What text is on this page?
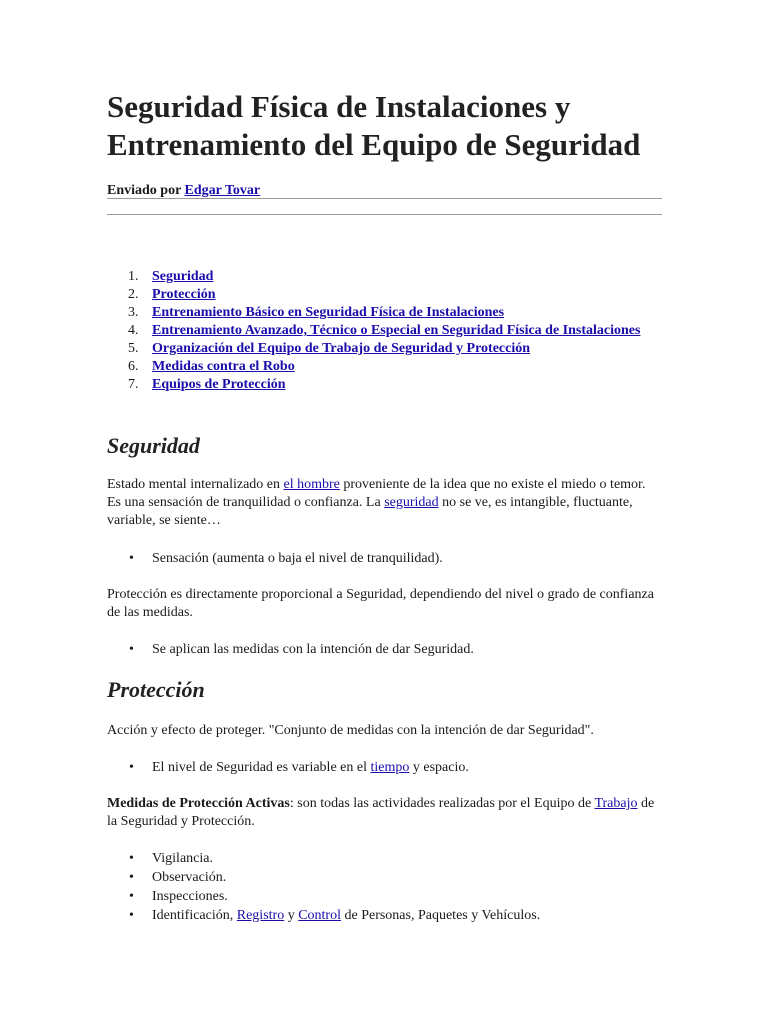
Seguridad Física de Instalaciones y Entrenamiento del Equipo de Seguridad
Enviado por Edgar Tovar
1. Seguridad
2. Protección
3. Entrenamiento Básico en Seguridad Física de Instalaciones
4. Entrenamiento Avanzado, Técnico o Especial en Seguridad Física de Instalaciones
5. Organización del Equipo de Trabajo de Seguridad y Protección
6. Medidas contra el Robo
7. Equipos de Protección
Seguridad

Estado mental internalizado en el hombre proveniente de la idea que no existe el miedo o temor. Es una sensación de tranquilidad o confianza. La seguridad no se ve, es intangible, fluctuante, variable, se siente…

• Sensación (aumenta o baja el nivel de tranquilidad).

Protección es directamente proporcional a Seguridad, dependiendo del nivel o grado de confianza de las medidas.

• Se aplican las medidas con la intención de dar Seguridad.
Protección

Acción y efecto de proteger. "Conjunto de medidas con la intención de dar Seguridad".

• El nivel de Seguridad es variable en el tiempo y espacio.

Medidas de Protección Activas: son todas las actividades realizadas por el Equipo de Trabajo de la Seguridad y Protección.

• Vigilancia.
• Observación.
• Inspecciones.
• Identificación, Registro y Control de Personas, Paquetes y Vehículos.
